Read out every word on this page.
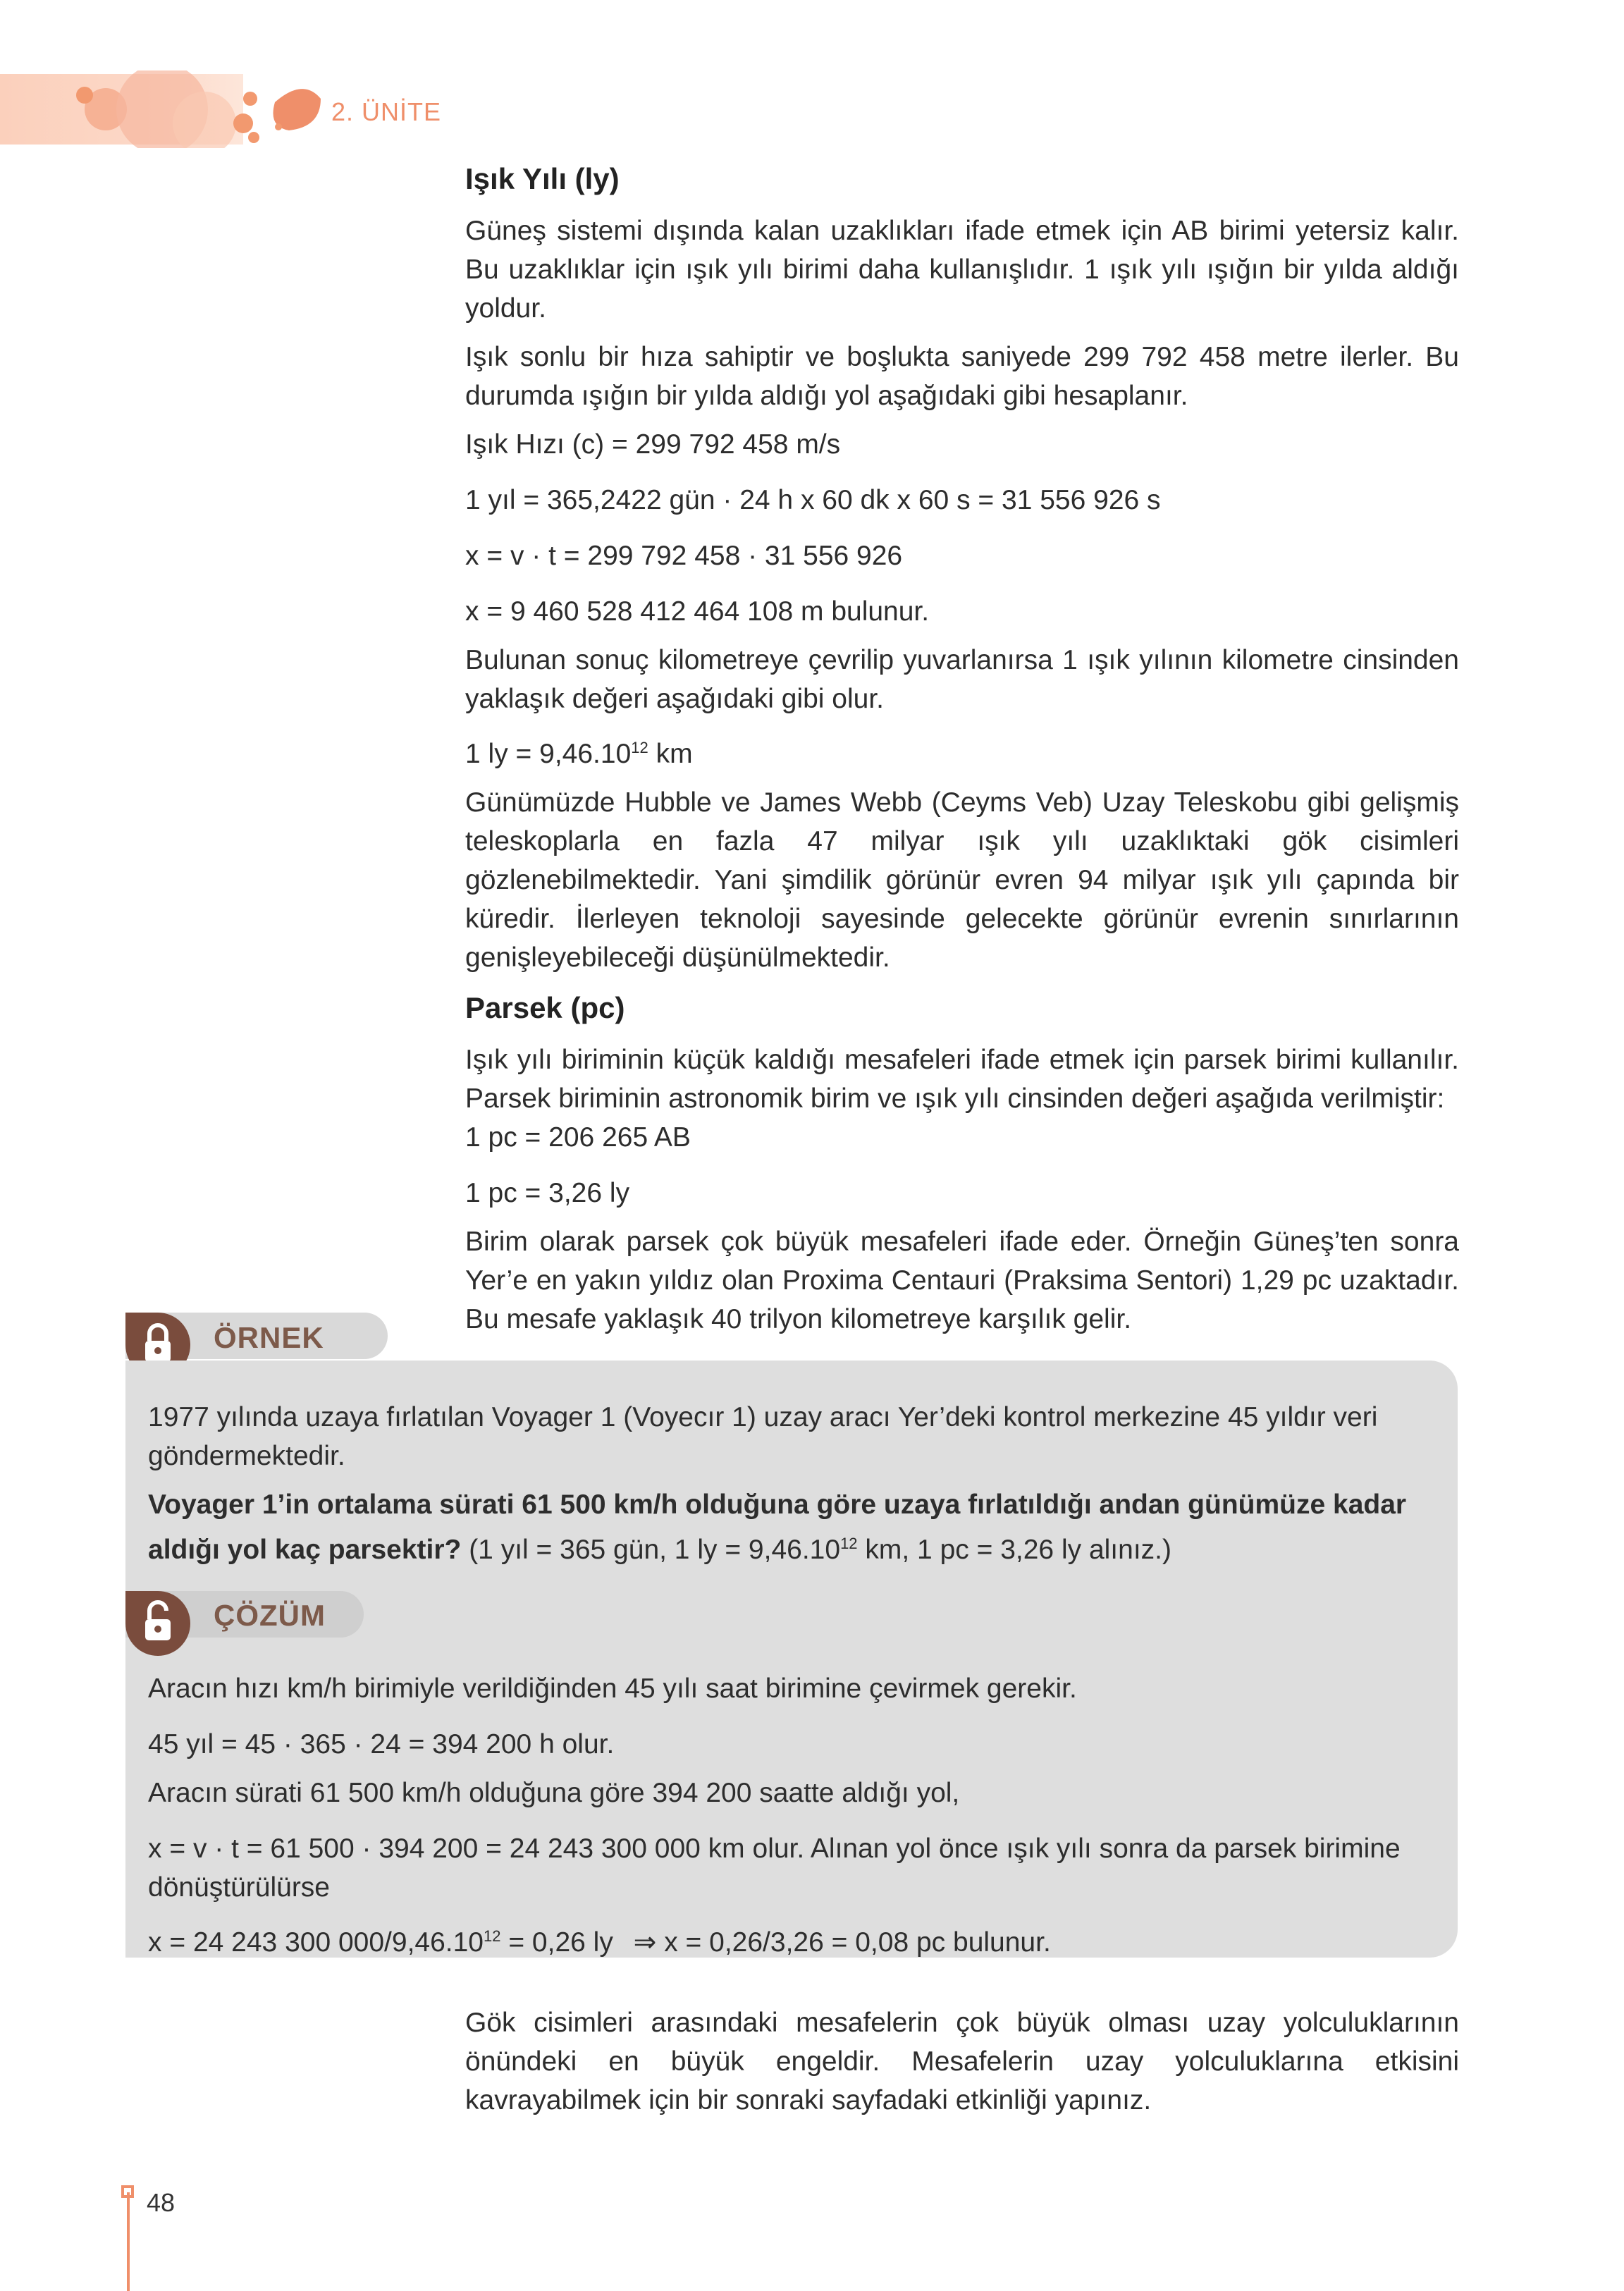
2. ÜNİTE
Işık Yılı (ly)

Güneş sistemi dışında kalan uzaklıkları ifade etmek için AB birimi yetersiz kalır. Bu uzaklıklar için ışık yılı birimi daha kullanışlıdır. 1 ışık yılı ışığın bir yılda aldığı yoldur.

Işık sonlu bir hıza sahiptir ve boşlukta saniyede 299 792 458 metre ilerler. Bu durumda ışığın bir yılda aldığı yol aşağıdaki gibi hesaplanır.

Işık Hızı (c) = 299 792 458 m/s

1 yıl = 365,2422 gün · 24 h x 60 dk x 60 s = 31 556 926 s

x = v · t = 299 792 458 · 31 556 926

x = 9 460 528 412 464 108 m bulunur.

Bulunan sonuç kilometreye çevrilip yuvarlanırsa 1 ışık yılının kilometre cinsinden yaklaşık değeri aşağıdaki gibi olur.

1 ly = $9,46.10^{12}$ km

Günümüzde Hubble ve James Webb (Ceyms Veb) Uzay Teleskobu gibi gelişmiş teleskoplarla en fazla 47 milyar ışık yılı uzaklıktaki gök cisimleri gözlenebilmektedir. Yani şimdilik görünür evren 94 milyar ışık yılı çapında bir küredir. İlerleyen teknoloji sayesinde gelecekte görünür evrenin sınırlarının genişleyebileceği düşünülmektedir.

Parsek (pc)

Işık yılı biriminin küçük kaldığı mesafeleri ifade etmek için parsek birimi kullanılır. Parsek biriminin astronomik birim ve ışık yılı cinsinden değeri aşağıda verilmiştir:

1 pc = 206 265 AB

1 pc = 3,26 ly

Birim olarak parsek çok büyük mesafeleri ifade eder. Örneğin Güneş’ten sonra Yer’e en yakın yıldız olan Proxima Centauri (Praksima Sentori) 1,29 pc uzaktadır. Bu mesafe yaklaşık 40 trilyon kilometreye karşılık gelir.

ÖRNEK

1977 yılında uzaya fırlatılan Voyager 1 (Voyecır 1) uzay aracı Yer’deki kontrol merkezine 45 yıldır veri göndermektedir.

Voyager 1’in ortalama sürati 61 500 km/h olduğuna göre uzaya fırlatıldığı andan günümüze kadar aldığı yol kaç parsektir? (1 yıl = 365 gün, 1 ly = $9,46.10^{12}$ km, 1 pc = 3,26 ly alınız.)

ÇÖZÜM

Aracın hızı km/h birimiyle verildiğinden 45 yılı saat birimine çevirmek gerekir.

45 yıl = 45 · 365 · 24 = 394 200 h olur.

Aracın sürati 61 500 km/h olduğuna göre 394 200 saatte aldığı yol,

x = v · t = 61 500 · 394 200 = 24 243 300 000 km olur. Alınan yol önce ışık yılı sonra da parsek birimine dönüştürülürse

x = 24 243 300 $000/9,46.10^{12} = 0,26$ ly ⇒ x = 0,26/3,26 = 0,08 pc bulunur.

Gök cisimleri arasındaki mesafelerin çok büyük olması uzay yolculuklarının önündeki en büyük engeldir. Mesafelerin uzay yolculuklarına etkisini kavrayabilmek için bir sonraki sayfadaki etkinliği yapınız.

48
